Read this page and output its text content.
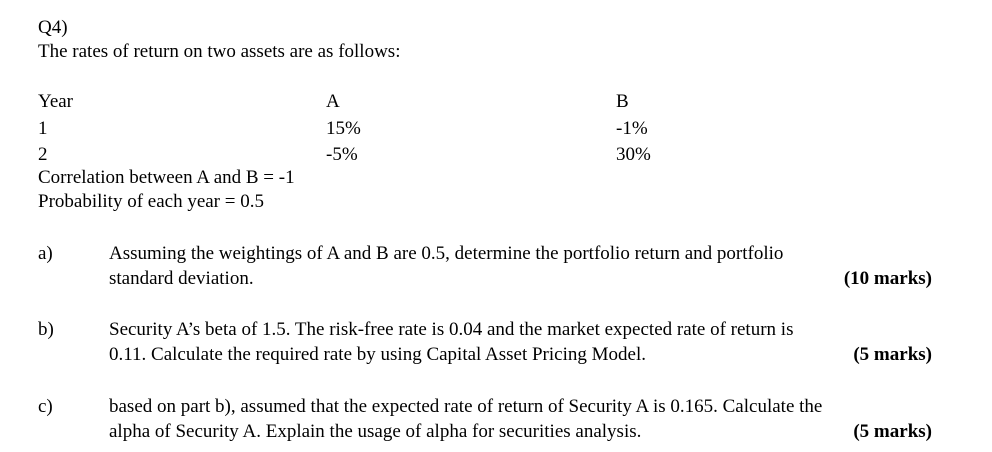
Q4)
The rates of return on two assets are as follows:
Year	A	B
1	15%	-1%
2	-5%	30%
Correlation between A and B = -1
Probability of each year = 0.5
a)	Assuming the weightings of A and B are 0.5, determine the portfolio return and portfolio
standard deviation.	(10 marks)
b)	Security A’s beta of 1.5. The risk-free rate is 0.04 and the market expected rate of return is
0.11. Calculate the required rate by using Capital Asset Pricing Model.	(5 marks)
c)	based on part b), assumed that the expected rate of return of Security A is 0.165. Calculate the
alpha of Security A. Explain the usage of alpha for securities analysis.	(5 marks)
